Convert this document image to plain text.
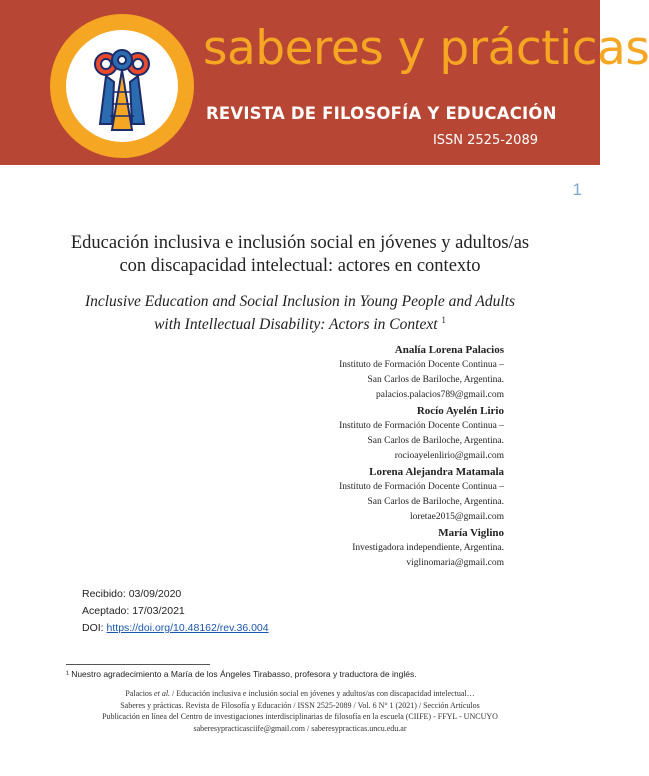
saberes y prácticas
REVISTA DE FILOSOFÍA Y EDUCACIÓN
ISSN 2525-2089
1
Educación inclusiva e inclusión social en jóvenes y adultos/as
con discapacidad intelectual: actores en contexto
Inclusive Education and Social Inclusion in Young People and Adults
with Intellectual Disability: Actors in Context $^1$
Analía Lorena Palacios
Instituto de Formación Docente Continua –
San Carlos de Bariloche, Argentina.
palacios.palacios789@gmail.com
Rocío Ayelén Lirio
Instituto de Formación Docente Continua –
San Carlos de Bariloche, Argentina.
rocioayelenlirio@gmail.com
Lorena Alejandra Matamala
Instituto de Formación Docente Continua –
San Carlos de Bariloche, Argentina.
loretae2015@gmail.com
María Viglino
Investigadora independiente, Argentina.
viglinomaria@gmail.com
Recibido: 03/09/2020
Aceptado: 17/03/2021
DOI: https://doi.org/10.48162/rev.36.004
¹ Nuestro agradecimiento a María de los Ángeles Tirabasso, profesora y traductora de inglés.
Palacios et al. / Educación inclusiva e inclusión social en jóvenes y adultos/as con discapacidad intelectual…
Saberes y prácticas. Revista de Filosofía y Educación / ISSN 2525-2089 / Vol. 6 N° 1 (2021) / Sección Artículos
Publicación en línea del Centro de investigaciones interdisciplinarias de filosofía en la escuela (CIIFE) - FFYL - UNCUYO
saberesypracticasciife@gmail.com / saberesypracticas.uncu.edu.ar
